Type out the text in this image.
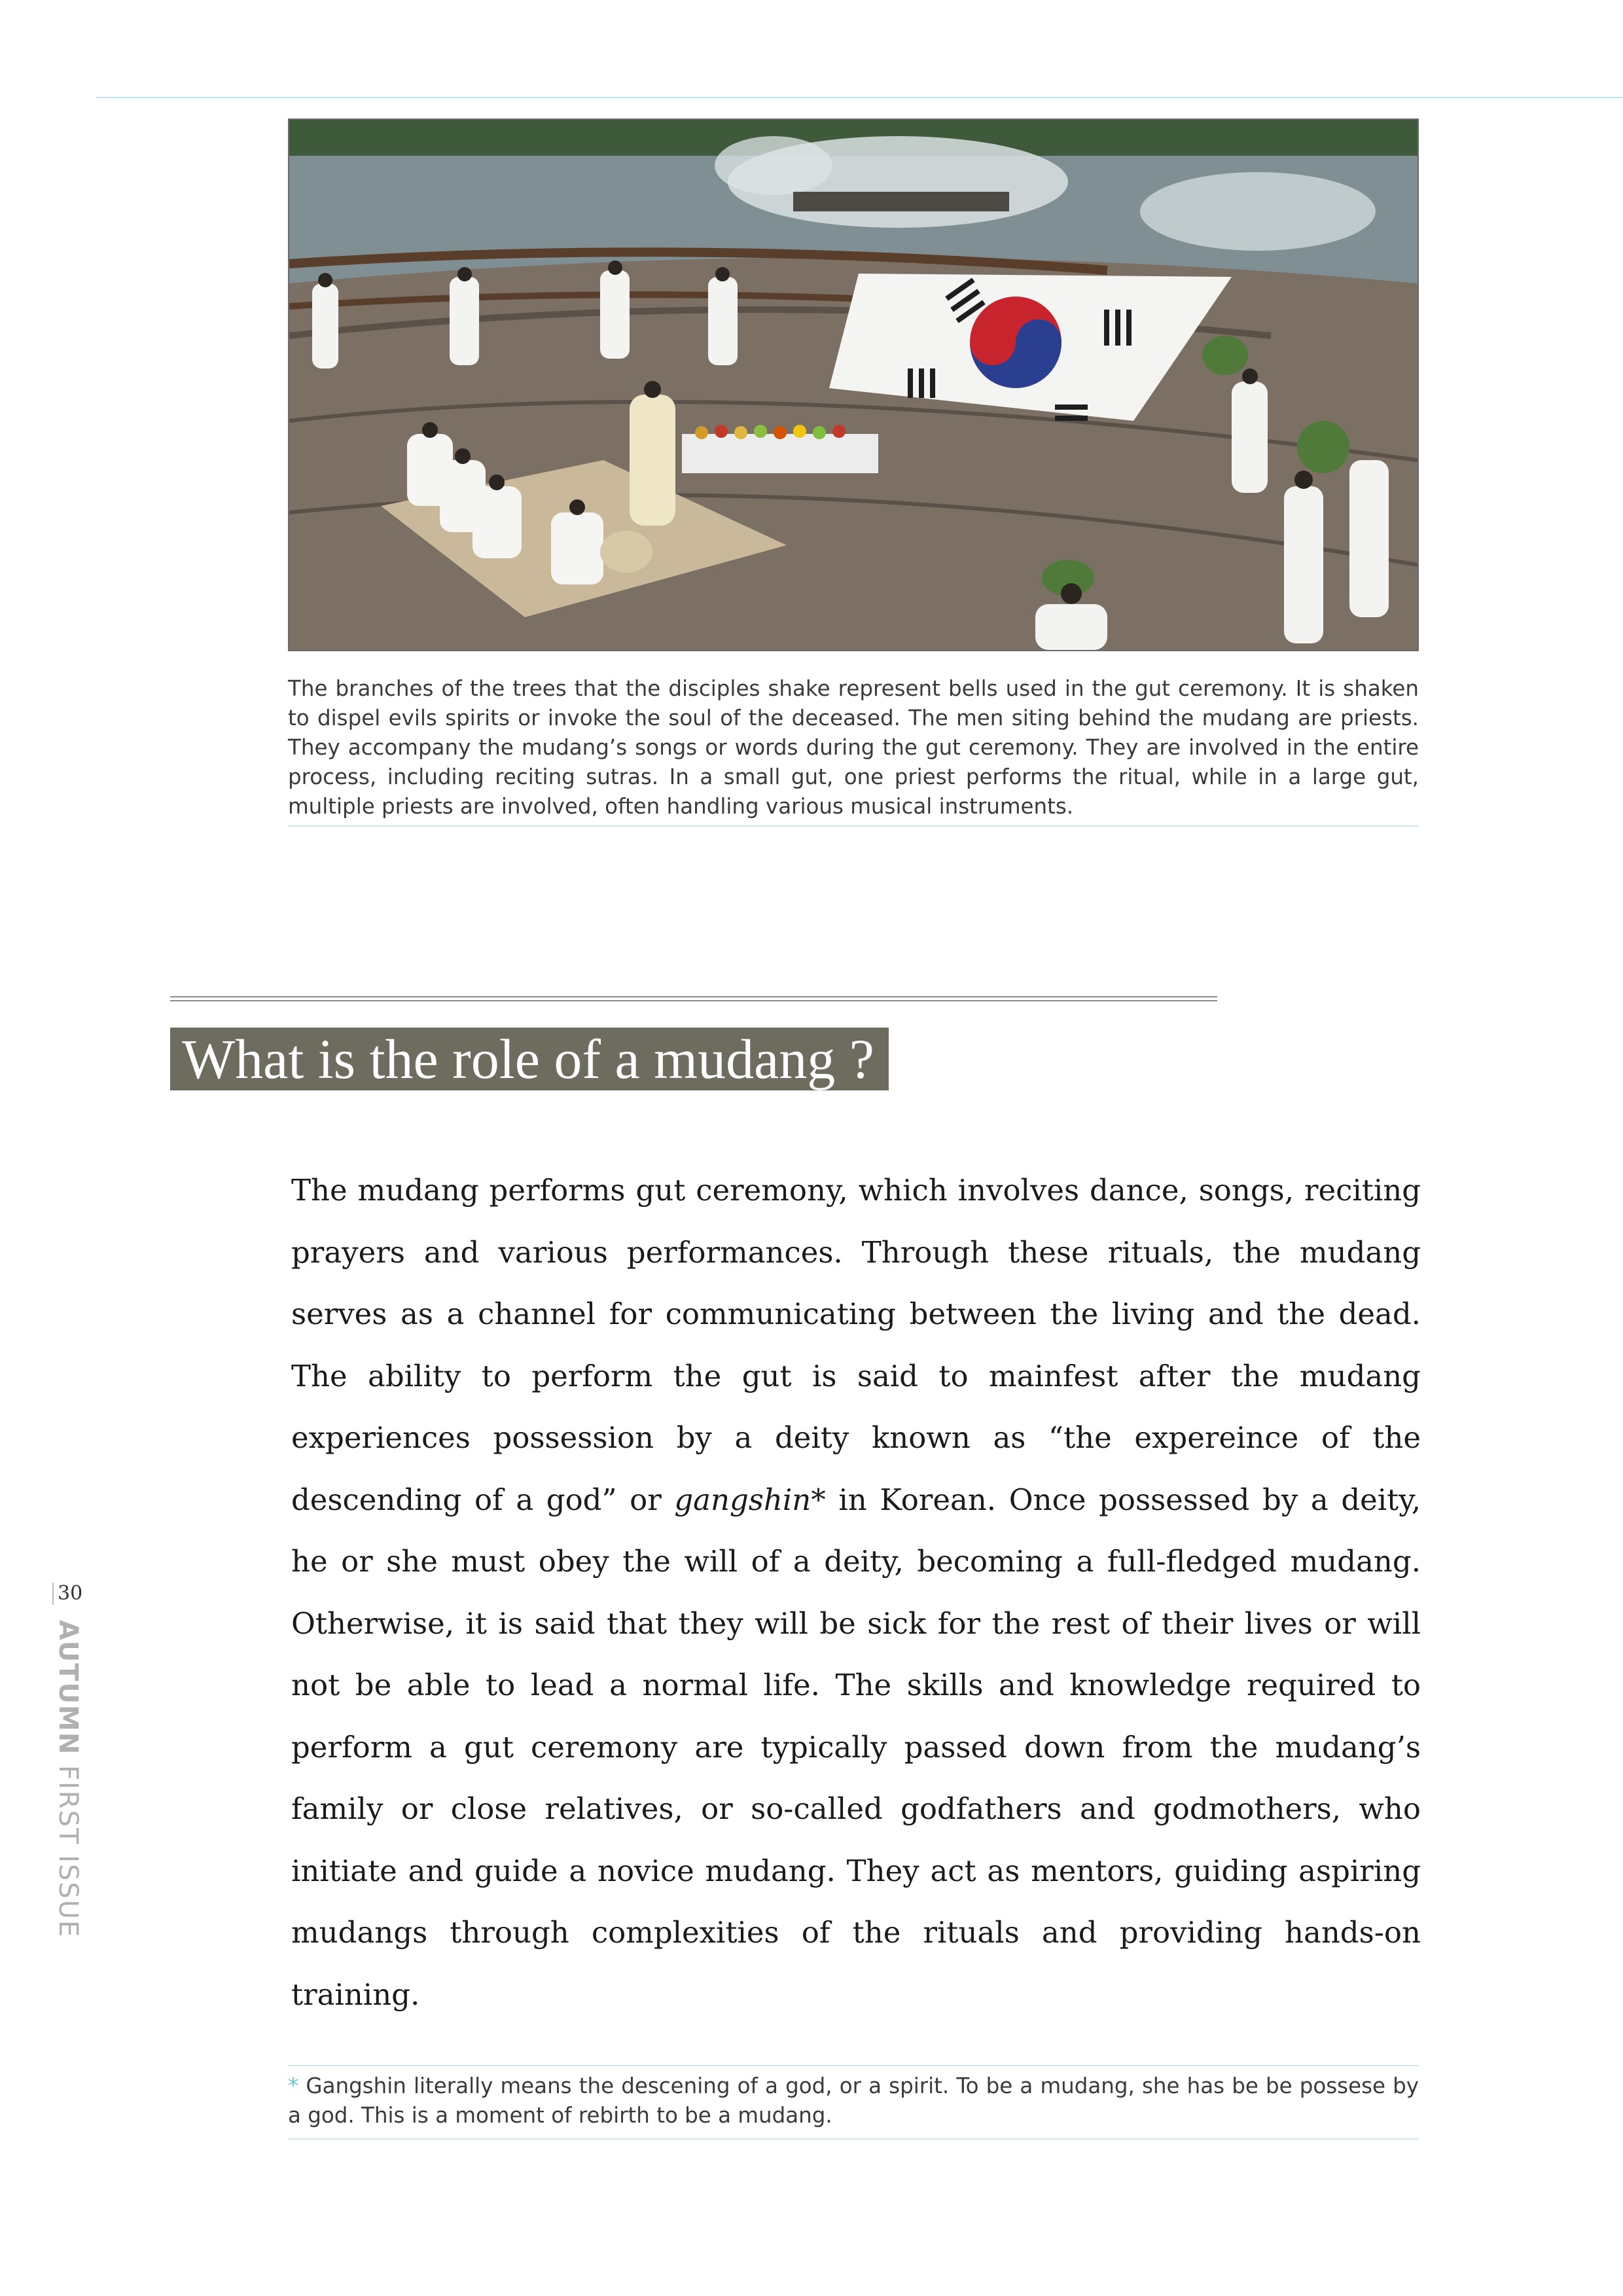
The branches of the trees that the disciples shake represent bells used in the gut ceremony. It is shaken to dispel evils spirits or invoke the soul of the deceased. The men siting behind the mudang are priests. They accompany the mudang’s songs or words during the gut ceremony. They are involved in the entire process, including reciting sutras. In a small gut, one priest performs the ritual, while in a large gut, multiple priests are involved, often handling various musical instruments.
What is the role of a mudang ?
The mudang performs gut ceremony, which involves dance, songs, reciting prayers and various performances. Through these rituals, the mudang serves as a channel for communicating between the living and the dead. The ability to perform the gut is said to mainfest after the mudang experiences possession by a deity known as “the expereince of the descending of a god” or gangshin* in Korean. Once possessed by a deity, he or she must obey the will of a deity, becoming a full-fledged mudang. Otherwise, it is said that they will be sick for the rest of their lives or will not be able to lead a normal life. The skills and knowledge required to perform a gut ceremony are typically passed down from the mudang’s family or close relatives, or so-called godfathers and godmothers, who initiate and guide a novice mudang. They act as mentors, guiding aspiring mudangs through complexities of the rituals and providing hands-on training.
* Gangshin literally means the descening of a god, or a spirit. To be a mudang, she has be be possese by a god. This is a moment of rebirth to be a mudang.
30
AUTUMN FIRST ISSUE
